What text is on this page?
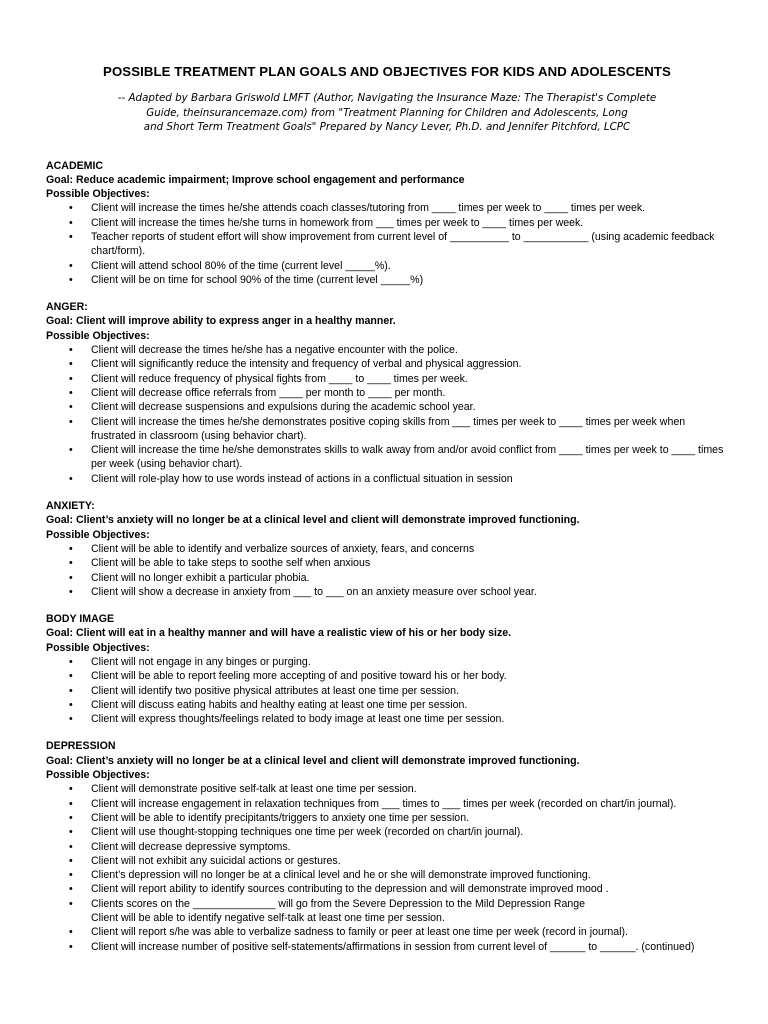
POSSIBLE TREATMENT PLAN GOALS AND OBJECTIVES FOR KIDS AND ADOLESCENTS
-- Adapted by Barbara Griswold LMFT (Author, Navigating the Insurance Maze: The Therapist's Complete
Guide, theinsurancemaze.com) from "Treatment Planning for Children and Adolescents, Long
and Short Term Treatment Goals" Prepared by Nancy Lever, Ph.D. and Jennifer Pitchford, LCPC
ACADEMIC
Goal: Reduce academic impairment; Improve school engagement and performance
Possible Objectives:
• Client will increase the times he/she attends coach classes/tutoring from ____ times per week to ____ times per week.
• Client will increase the times he/she turns in homework from ___ times per week to ____ times per week.
• Teacher reports of student effort will show improvement from current level of __________ to ___________ (using academic feedback chart/form).
• Client will attend school 80% of the time (current level _____%).
• Client will be on time for school 90% of the time (current level _____%)
ANGER:
Goal: Client will improve ability to express anger in a healthy manner.
Possible Objectives:
• Client will decrease the times he/she has a negative encounter with the police.
• Client will significantly reduce the intensity and frequency of verbal and physical aggression.
• Client will reduce frequency of physical fights from ____ to ____ times per week.
• Client will decrease office referrals from ____ per month to ____ per month.
• Client will decrease suspensions and expulsions during the academic school year.
• Client will increase the times he/she demonstrates positive coping skills from ___ times per week to ____ times per week when frustrated in classroom (using behavior chart).
• Client will increase the time he/she demonstrates skills to walk away from and/or avoid conflict from ____ times per week to ____ times per week (using behavior chart).
• Client will role-play how to use words instead of actions in a conflictual situation in session
ANXIETY:
Goal: Client’s anxiety will no longer be at a clinical level and client will demonstrate improved functioning.
Possible Objectives:
• Client will be able to identify and verbalize sources of anxiety, fears, and concerns
• Client will be able to take steps to soothe self when anxious
• Client will no longer exhibit a particular phobia.
• Client will show a decrease in anxiety from ___ to ___ on an anxiety measure over school year.
BODY IMAGE
Goal: Client will eat in a healthy manner and will have a realistic view of his or her body size.
Possible Objectives:
• Client will not engage in any binges or purging.
• Client will be able to report feeling more accepting of and positive toward his or her body.
• Client will identify two positive physical attributes at least one time per session.
• Client will discuss eating habits and healthy eating at least one time per session.
• Client will express thoughts/feelings related to body image at least one time per session.
DEPRESSION
Goal: Client’s anxiety will no longer be at a clinical level and client will demonstrate improved functioning.
Possible Objectives:
• Client will demonstrate positive self-talk at least one time per session.
• Client will increase engagement in relaxation techniques from ___ times to ___ times per week (recorded on chart/in journal).
• Client will be able to identify precipitants/triggers to anxiety one time per session.
• Client will use thought-stopping techniques one time per week (recorded on chart/in journal).
• Client will decrease depressive symptoms.
• Client will not exhibit any suicidal actions or gestures.
• Client’s depression will no longer be at a clinical level and he or she will demonstrate improved functioning.
• Client will report ability to identify sources contributing to the depression and will demonstrate improved mood .
• Clients scores on the ______________ will go from the Severe Depression to the Mild Depression Range
Client will be able to identify negative self-talk at least one time per session.
• Client will report s/he was able to verbalize sadness to family or peer at least one time per week (record in journal).
• Client will increase number of positive self-statements/affirmations in session from current level of ______ to ______. (continued)
